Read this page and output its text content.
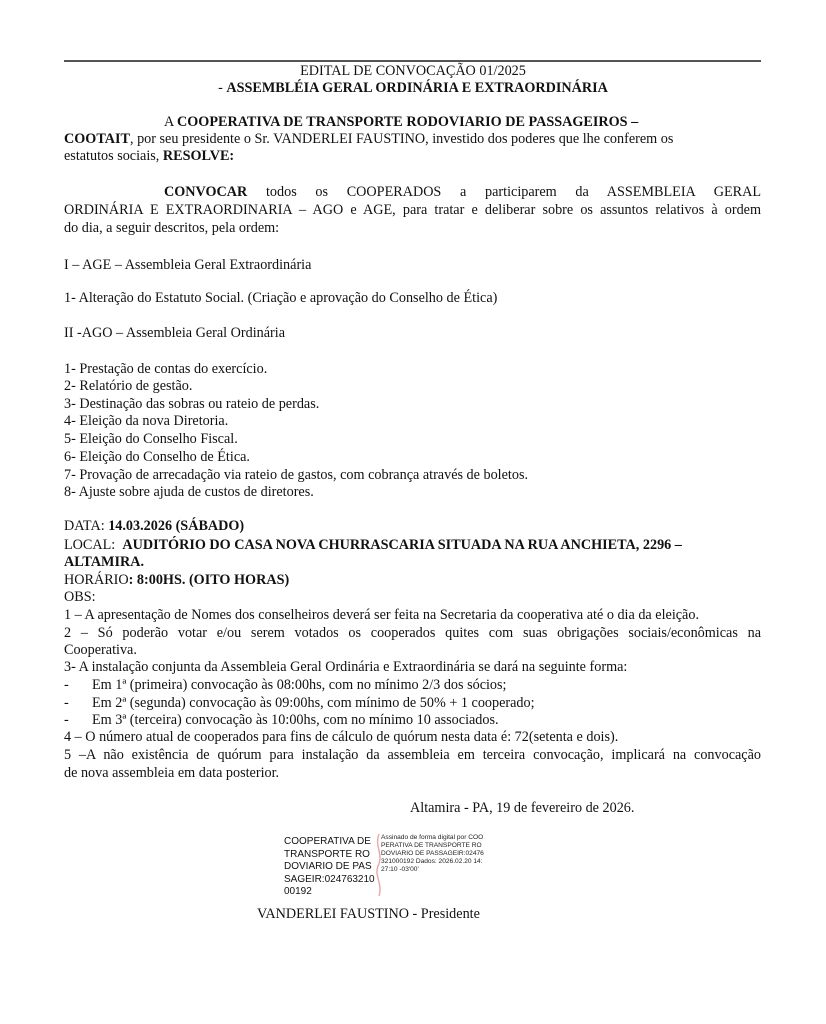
EDITAL DE CONVOCAÇÃO 01/2025
- ASSEMBLÉIA GERAL ORDINÁRIA E EXTRAORDINÁRIA
A COOPERATIVA DE TRANSPORTE RODOVIARIO DE PASSAGEIROS –
COOTAIT, por seu presidente o Sr. VANDERLEI FAUSTINO, investido dos poderes que lhe conferem os
estatutos sociais, RESOLVE:
CONVOCAR todos os COOPERADOS a participarem da ASSEMBLEIA GERAL
ORDINÁRIA E EXTRAORDINARIA – AGO e AGE, para tratar e deliberar sobre os assuntos relativos à ordem
do dia, a seguir descritos, pela ordem:
I – AGE – Assembleia Geral Extraordinária
1- Alteração do Estatuto Social. (Criação e aprovação do Conselho de Ética)
II -AGO – Assembleia Geral Ordinária
1- Prestação de contas do exercício.
2- Relatório de gestão.
3- Destinação das sobras ou rateio de perdas.
4- Eleição da nova Diretoria.
5- Eleição do Conselho Fiscal.
6- Eleição do Conselho de Ética.
7- Provação de arrecadação via rateio de gastos, com cobrança através de boletos.
8- Ajuste sobre ajuda de custos de diretores.
DATA: 14.03.2026 (SÁBADO)
LOCAL: AUDITÓRIO DO CASA NOVA CHURRASCARIA SITUADA NA RUA ANCHIETA, 2296 –
ALTAMIRA.
HORÁRIO: 8:00HS. (OITO HORAS)
OBS:
1 – A apresentação de Nomes dos conselheiros deverá ser feita na Secretaria da cooperativa até o dia da eleição.
2 – Só poderão votar e/ou serem votados os cooperados quites com suas obrigações sociais/econômicas na
Cooperativa.
3- A instalação conjunta da Assembleia Geral Ordinária e Extraordinária se dará na seguinte forma:
- Em 1ª (primeira) convocação às 08:00hs, com no mínimo 2/3 dos sócios;
- Em 2ª (segunda) convocação às 09:00hs, com mínimo de 50% + 1 cooperado;
- Em 3ª (terceira) convocação às 10:00hs, com no mínimo 10 associados.
4 – O número atual de cooperados para fins de cálculo de quórum nesta data é: 72(setenta e dois).
5 –A não existência de quórum para instalação da assembleia em terceira convocação, implicará na convocação
de nova assembleia em data posterior.
Altamira - PA, 19 de fevereiro de 2026.
COOPERATIVA DE TRANSPORTE RODOVIARIO DE PASSAGEIR:02476321000192
Assinado de forma digital por COOPERATIVA DE TRANSPORTE RODOVIARIO DE PASSAGEIR:02476321000192 Dados: 2026.02.20 14:27:10 -03'00'
VANDERLEI FAUSTINO - Presidente
